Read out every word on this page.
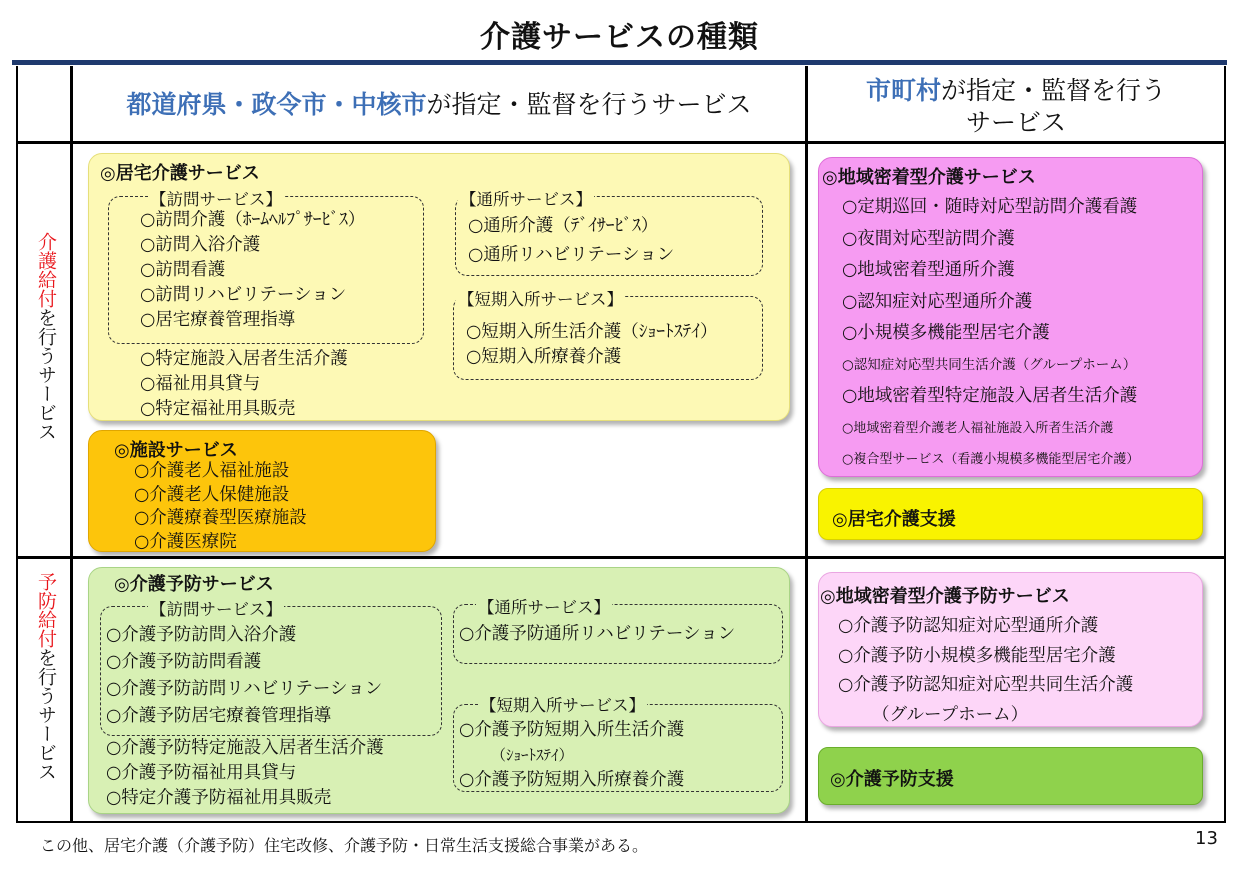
介護サービスの種類
都道府県・政令市・中核市が指定・監督を行うサービス	市町村が指定・監督を行う
サービス
介護給付を行うサービス
予防給付を行うサービス
◎居宅介護サービス
【訪問サービス】
○訪問介護（ﾎｰﾑﾍﾙﾌﾟｻｰﾋﾞｽ）
○訪問入浴介護
○訪問看護
○訪問リハビリテーション
○居宅療養管理指導
○特定施設入居者生活介護
○福祉用具貸与
○特定福祉用具販売
【通所サービス】
○通所介護（ﾃﾞｲｻｰﾋﾞｽ）
○通所リハビリテーション
【短期入所サービス】
○短期入所生活介護（ｼｮｰﾄｽﾃｲ）
○短期入所療養介護
◎施設サービス
○介護老人福祉施設
○介護老人保健施設
○介護療養型医療施設
○介護医療院
◎地域密着型介護サービス
○定期巡回・随時対応型訪問介護看護
○夜間対応型訪問介護
○地域密着型通所介護
○認知症対応型通所介護
○小規模多機能型居宅介護
○認知症対応型共同生活介護（グループホーム）
○地域密着型特定施設入居者生活介護
○地域密着型介護老人福祉施設入所者生活介護
○複合型サービス（看護小規模多機能型居宅介護）
◎居宅介護支援
◎介護予防サービス
【訪問サービス】
○介護予防訪問入浴介護
○介護予防訪問看護
○介護予防訪問リハビリテーション
○介護予防居宅療養管理指導
○介護予防特定施設入居者生活介護
○介護予防福祉用具貸与
○特定介護予防福祉用具販売
【通所サービス】
○介護予防通所リハビリテーション
【短期入所サービス】
○介護予防短期入所生活介護
（ｼｮｰﾄｽﾃｲ）
○介護予防短期入所療養介護
◎地域密着型介護予防サービス
○介護予防認知症対応型通所介護
○介護予防小規模多機能型居宅介護
○介護予防認知症対応型共同生活介護
（グループホーム）
◎介護予防支援
この他、居宅介護（介護予防）住宅改修、介護予防・日常生活支援総合事業がある。	13
